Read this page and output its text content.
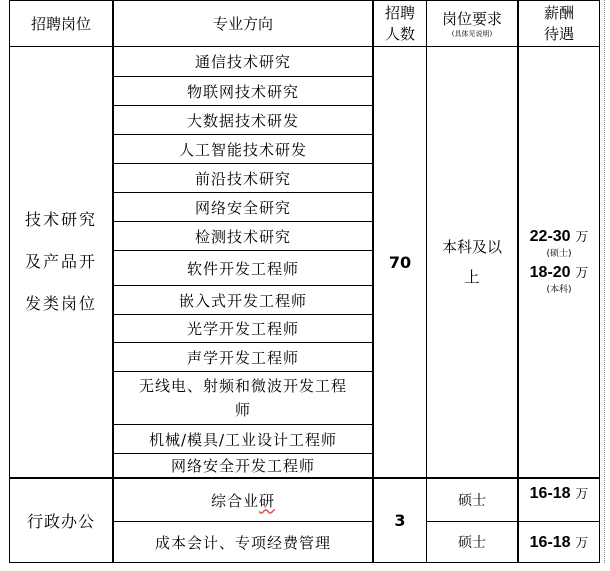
招聘岗位	专业方向
招聘
人数
岗位要求
(具体见说明)
薪酬
待遇
技术研究
及产品开
发类岗位
通信技术研究
物联网技术研究
大数据技术研发
人工智能技术研发
前沿技术研究
网络安全研究
检测技术研究
软件开发工程师
嵌入式开发工程师
光学开发工程师
声学开发工程师
无线电、射频和微波开发工程
师
机械/模具/工业设计工程师
网络安全开发工程师
70
本科及以
上
22-30 万
(硕士)
18-20 万
(本科)
行政办公
综合业 研
成本会计、专项经费管理
3
硕士
硕士
16-18 万
16-18 万
